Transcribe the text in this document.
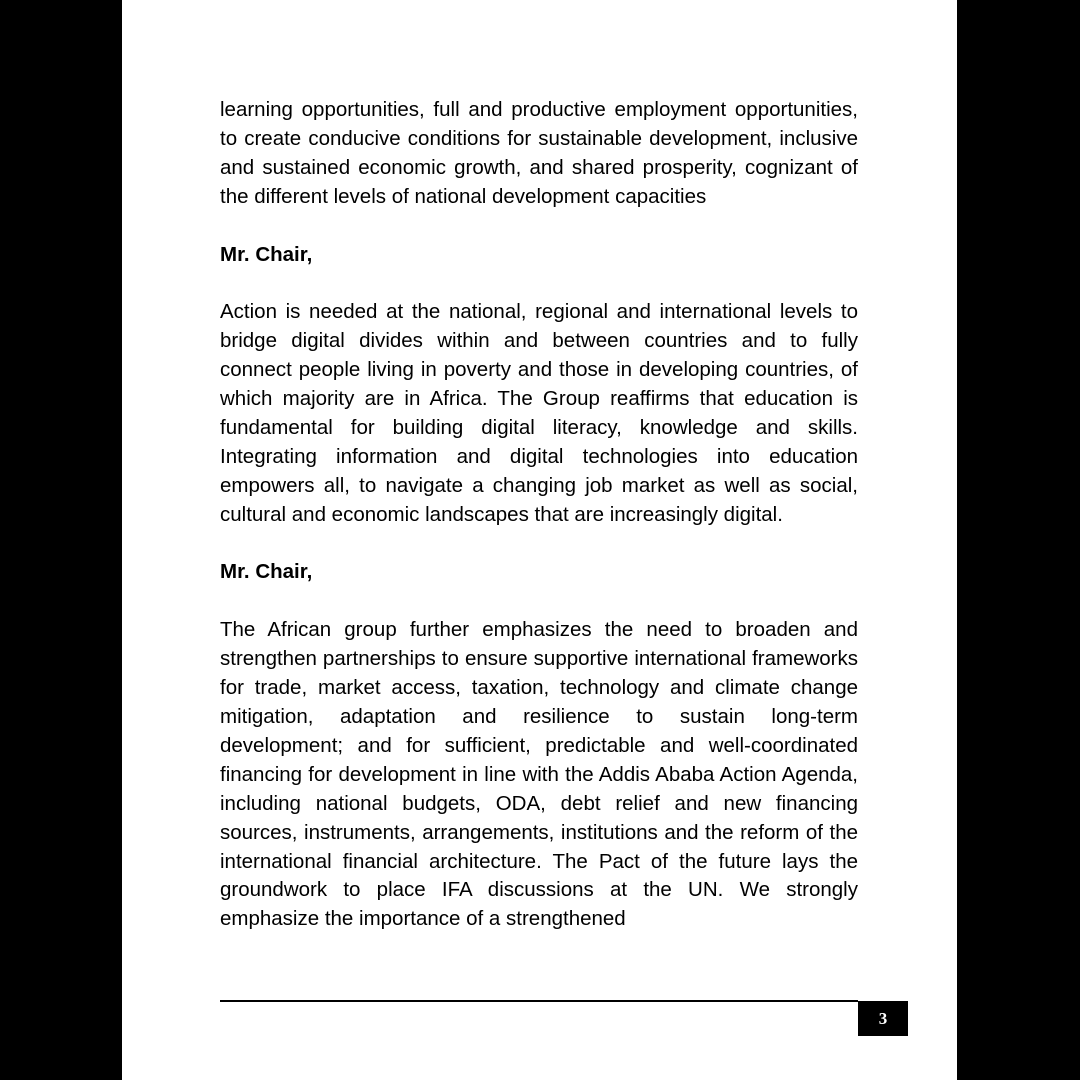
learning opportunities, full and productive employment opportunities, to create conducive conditions for sustainable development, inclusive and sustained economic growth, and shared prosperity, cognizant of the different levels of national development capacities

Mr. Chair,

Action is needed at the national, regional and international levels to bridge digital divides within and between countries and to fully connect people living in poverty and those in developing countries, of which majority are in Africa. The Group reaffirms that education is fundamental for building digital literacy, knowledge and skills. Integrating information and digital technologies into education empowers all, to navigate a changing job market as well as social, cultural and economic landscapes that are increasingly digital.

Mr. Chair,

The African group further emphasizes the need to broaden and strengthen partnerships to ensure supportive international frameworks for trade, market access, taxation, technology and climate change mitigation, adaptation and resilience to sustain long-term development; and for sufficient, predictable and well-coordinated financing for development in line with the Addis Ababa Action Agenda, including national budgets, ODA, debt relief and new financing sources, instruments, arrangements, institutions and the reform of the international financial architecture. The Pact of the future lays the groundwork to place IFA discussions at the UN. We strongly emphasize the importance of a strengthened

3
